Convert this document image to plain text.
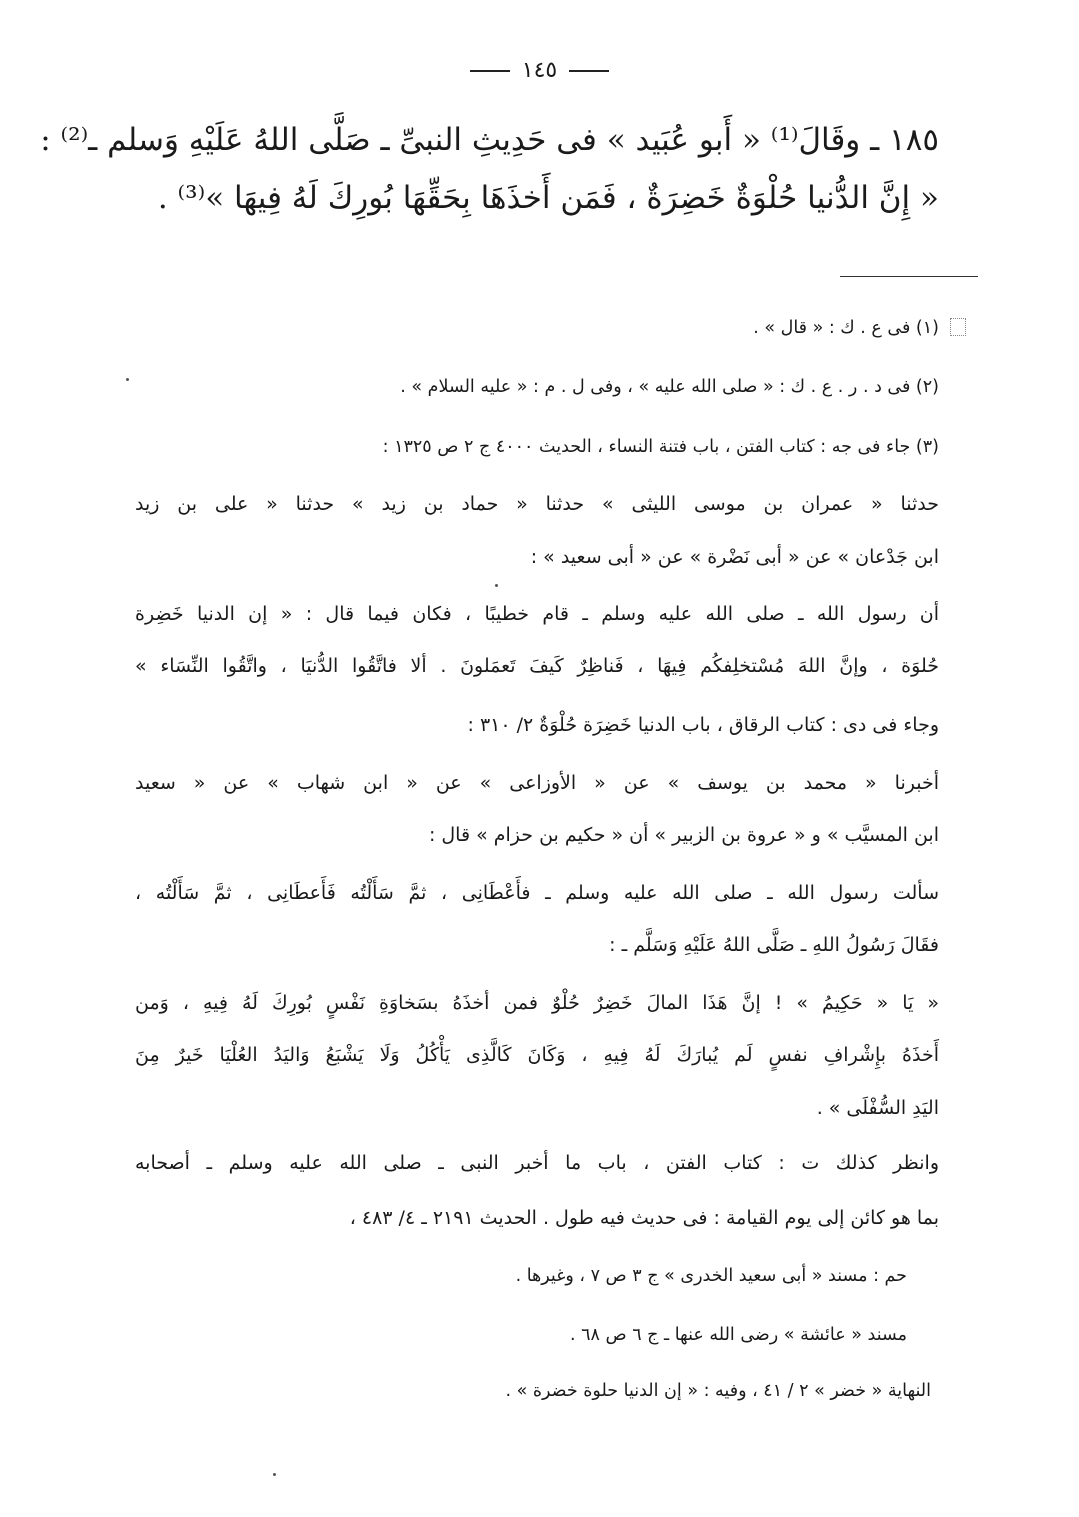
١٤٥
١٨٥ ـ وقَالَ⁽¹⁾ « أَبو عُبَيد » فى حَدِيثِ النبىِّ ـ صَلَّى اللهُ عَلَيْهِ وَسلم ـ⁽²⁾ :
« إِنَّ الدُّنيا حُلْوَةٌ خَضِرَةٌ ، فَمَن أَخذَهَا بِحَقِّهَا بُورِكَ لَهُ فِيهَا »⁽³⁾ .
(١) فى ع . ك : « قال » .
(٢) فى د . ر . ع . ك : « صلى الله عليه » ، وفى ل . م : « عليه السلام » .
(٣) جاء فى جه : كتاب الفتن ، باب فتنة النساء ، الحديث ٤٠٠٠ ج ٢ ص ١٣٢٥ :
حدثنا « عمران بن موسى الليثى » حدثنا « حماد بن زيد » حدثنا « على بن زيد
ابن جَدْعان » عن « أبى نَضْرة » عن « أبى سعيد » :
أن رسول الله ـ صلى الله عليه وسلم ـ قام خطيبًا ، فكان فيما قال : « إن الدنيا خَضِرة
حُلوَة ، وإنَّ اللهَ مُسْتخلِفكُم فِيهَا ، فَناظِرٌ كَيفَ تَعمَلونَ . ألا فاتَّقُوا الدُّنيَا ، واتَّقُوا النِّسَاء »
وجاء فى دى : كتاب الرقاق ، باب الدنيا خَضِرَة حُلْوَةٌ ٢/ ٣١٠ :
أخبرنا « محمد بن يوسف » عن « الأوزاعى » عن « ابن شهاب » عن « سعيد
ابن المسيَّب » و « عروة بن الزبير » أن « حكيم بن حزام » قال :
سألت رسول الله ـ صلى الله عليه وسلم ـ فأَعْطَانِى ، ثمَّ سَأَلْتُه فَأَعطَانِى ، ثمَّ سَأَلْتُه ،
فقَالَ رَسُولُ اللهِ ـ صَلَّى اللهُ عَلَيْهِ وَسَلَّم ـ :
« يَا « حَكِيمُ » ! إنَّ هَذَا المالَ خَضِرٌ حُلْوٌ فمن أخذَهُ بسَخاوَةِ نَفْسٍ بُورِكَ لَهُ فِيهِ ، وَمن
أَخذَهُ بإِشْرافِ نفسٍ لَم يُبارَكَ لَهُ فِيهِ ، وَكَانَ كَالَّذِى يَأْكُلُ وَلَا يَشْبَعُ وَاليَدُ العُلْيَا خَيرٌ مِنَ
اليَدِ السُّفْلَى » .
وانظر كذلك ت : كتاب الفتن ، باب ما أخبر النبى ـ صلى الله عليه وسلم ـ أصحابه
بما هو كائن إلى يوم القيامة : فى حديث فيه طول . الحديث ٢١٩١ ـ ٤/ ٤٨٣ ،
حم : مسند « أبى سعيد الخدرى » ج ٣ ص ٧ ، وغيرها .
مسند « عائشة » رضى الله عنها ـ ج ٦ ص ٦٨ .
النهاية « خضر » ٢ / ٤١ ، وفيه : « إن الدنيا حلوة خضرة » .
